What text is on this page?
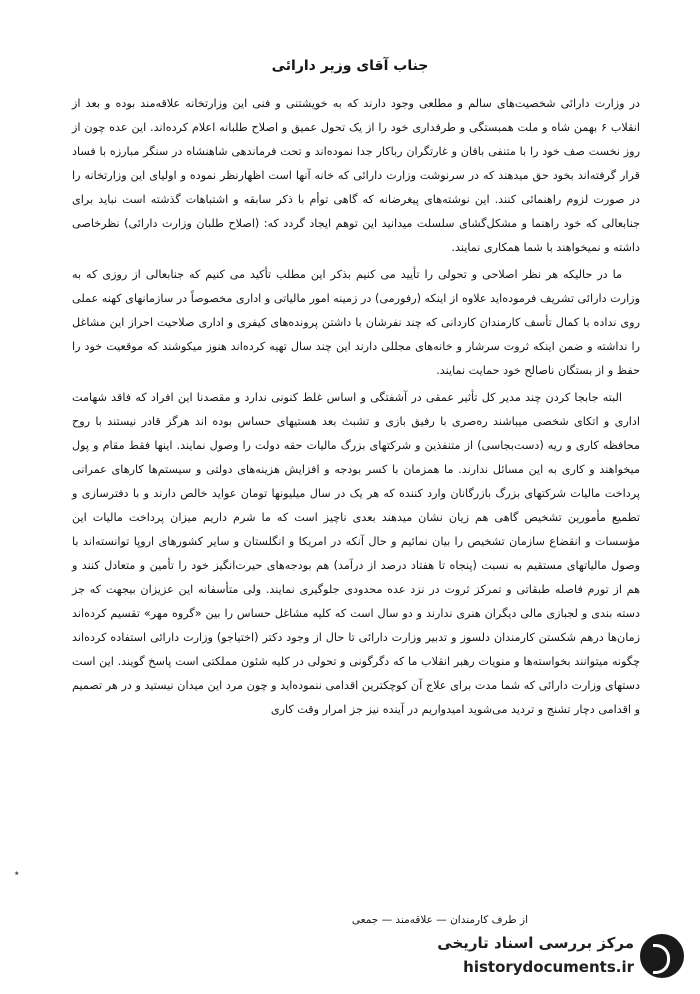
جناب آقای وزیر دارائی

در وزارت دارائی شخصیت‌های سالم و مطلعی وجود دارند که به خویشتنی و فنی این وزارتخانه علاقه‌مند بوده و بعد از انقلاب ۶ بهمن شاه و ملت همبستگی و طرفداری خود را از یک تحول عمیق و اصلاح طلبانه اعلام کرده‌اند. این عده چون از روز نخست صف خود را با متنفی بافان و غارتگران رباکار جدا نموده‌اند و تحت فرماندهی شاهنشاه در سنگر مبارزه با فساد قرار گرفته‌اند بخود حق میدهند که در سرنوشت وزارت دارائی که خانه آنها است اظهارنظر نموده و اولیای این وزارتخانه را در صورت لزوم راهنمائی کنند. این نوشته‌های پیغرضانه که گاهی توأم با ذکر سابقه و اشتباهات گذشته است نباید برای جنابعالی که خود راهنما و مشکل‌گشای سلسلت میدانید این توهم ایجاد گردد که: (اصلاح طلبان وزارت دارائی) نظرخاصی داشته و نمیخواهند با شما همکاری نمایند.

ما در حالیکه هر نظر اصلاحی و تحولی را تأیید می کنیم بذکر این مطلب تأکید می کنیم که جنابعالی از روزی که به وزارت دارائی تشریف فرموده‌اید علاوه از اینکه (رفورمی) در زمینه امور مالیاتی و اداری مخصوصاً در سازمانهای کهنه عملی روی نداده با کمال تأسف کارمندان کاردانی که چند نفرشان با داشتن پرونده‌های کیفری و اداری صلاحیت احراز این مشاغل را نداشته و ضمن اینکه ثروت سرشار و خانه‌های مجللی دارند این چند سال تهیه کرده‌اند هنوز میکوشند که موقعیت خود را حفظ و از بستگان ناصالح خود حمایت نمایند.

البته جابجا کردن چند مدیر کل تأثیر عمقی در آشفتگی و اساس غلط کنونی ندارد و مقصدنا این افراد که فاقد شهامت اداری و اتکای شخصی میباشند ره‌صری با رفیق بازی و تشبث بعد هستیهای حساس بوده اند هرگز قادر نیستند با روح محافظه کاری و ریه (دست‌بجاسی) از متنفذین و شرکتهای بزرگ مالیات حقه دولت را وصول نمایند. اینها فقط مقام و پول میخواهند و کاری به این مسائل ندارند. ما همزمان با کسر بودجه و افزایش هزینه‌های دولتی و سیستم‌ها کارهای عمرانی پرداخت مالیات شرکتهای بزرگ بازرگانان وارد کننده که هر یک در سال میلیونها تومان عواید خالص دارند و با دفترسازی و تطمیع مأمورین تشخیص گاهی هم زیان نشان میدهند بعدی ناچیز است که ما شرم داریم میزان پرداخت مالیات این مؤسسات و انقضاع سازمان تشخیص را بیان نمائیم و حال آنکه در امریکا و انگلستان و سایر کشورهای اروپا توانسته‌اند با وصول مالیاتهای مستقیم به نسبت (پنجاه تا هفتاد درصد از درآمد) هم بودجه‌های حیرت‌انگیز خود را تأمین و متعادل کنند و هم از تورم فاصله طبقاتی و تمرکز ثروت در نزد عده محدودی جلوگیری نمایند. ولی متأسفانه این عزیزان بیجهت که جز دسته بندی و لجبازی مالی دیگران هنری ندارند و دو سال است که کلیه مشاغل حساس را بین «گروه مهر» تقسیم کرده‌اند زمان‌ها درهم شکستن کارمندان دلسوز و تدبیر وزارت دارائی تا حال از وجود دکتر (اختیاجو) وزارت دارائی استفاده کرده‌اند چگونه میتوانند بخواسته‌ها و منویات رهبر انقلاب ما که دگرگونی و تحولی در کلیه شئون مملکتی است پاسخ گویند. این است دستهای وزارت دارائی که شما مدت برای علاج آن کوچکترین اقدامی ننموده‌اید و چون مرد این میدان نیستید و در هر تصمیم و اقدامی دچار تشنج و تردید می‌شوید امیدواریم در آینده نیز جز امرار وقت کاری

از طرف کارمندان — علاقه‌مند — جمعی
٭
مرکز بررسی اسناد تاریخی
historydocuments.ir
